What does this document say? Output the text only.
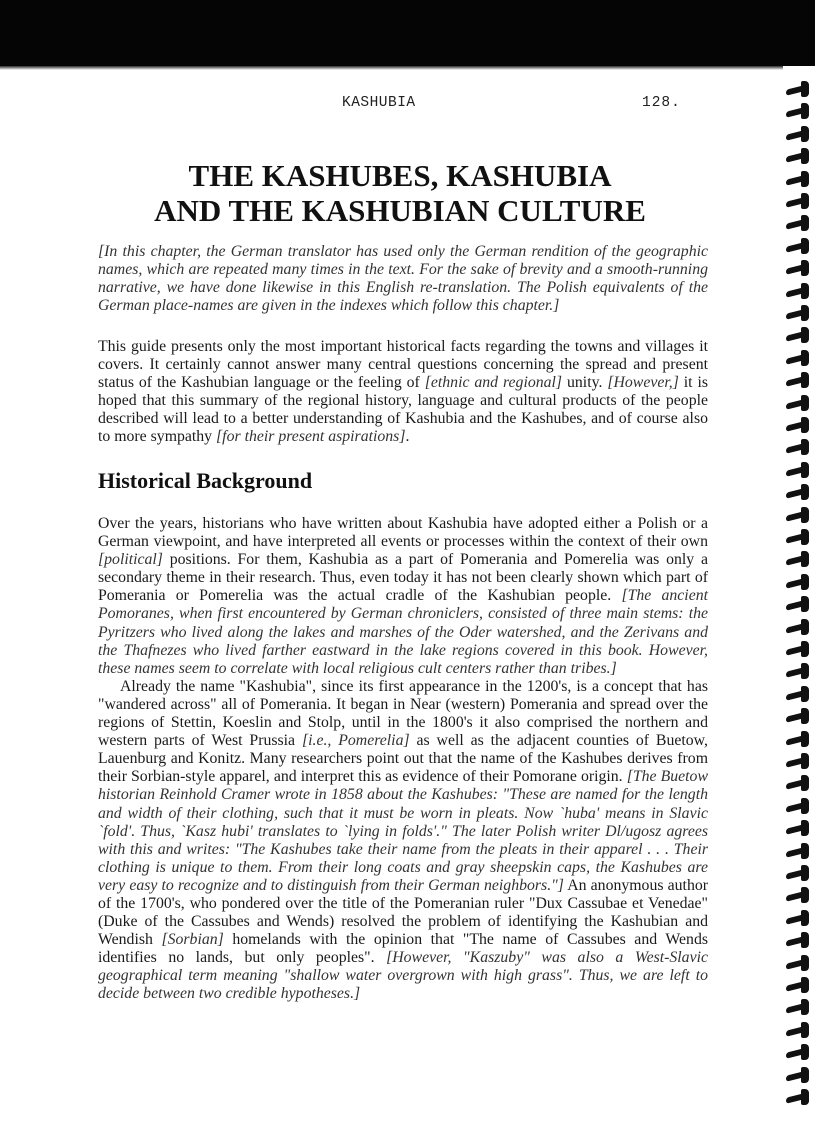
KASHUBIA	128.
THE KASHUBES, KASHUBIA
AND THE KASHUBIAN CULTURE

[In this chapter, the German translator has used only the German rendition of the geographic names, which are repeated many times in the text. For the sake of brevity and a smooth-running narrative, we have done likewise in this English re-translation. The Polish equivalents of the German place-names are given in the indexes which follow this chapter.]

This guide presents only the most important historical facts regarding the towns and villages it covers. It certainly cannot answer many central questions concerning the spread and present status of the Kashubian language or the feeling of [ethnic and regional] unity. [However,] it is hoped that this summary of the regional history, language and cultural products of the people described will lead to a better understanding of Kashubia and the Kashubes, and of course also to more sympathy [for their present aspirations].

Historical Background

Over the years, historians who have written about Kashubia have adopted either a Polish or a German viewpoint, and have interpreted all events or processes within the context of their own [political] positions. For them, Kashubia as a part of Pomerania and Pomerelia was only a secondary theme in their research. Thus, even today it has not been clearly shown which part of Pomerania or Pomerelia was the actual cradle of the Kashubian people. [The ancient Pomoranes, when first encountered by German chroniclers, consisted of three main stems: the Pyritzers who lived along the lakes and marshes of the Oder watershed, and the Zerivans and the Thafnezes who lived farther eastward in the lake regions covered in this book. However, these names seem to correlate with local religious cult centers rather than tribes.]

Already the name "Kashubia", since its first appearance in the 1200's, is a concept that has "wandered across" all of Pomerania. It began in Near (western) Pomerania and spread over the regions of Stettin, Koeslin and Stolp, until in the 1800's it also comprised the northern and western parts of West Prussia [i.e., Pomerelia] as well as the adjacent counties of Buetow, Lauenburg and Konitz. Many researchers point out that the name of the Kashubes derives from their Sorbian-style apparel, and interpret this as evidence of their Pomorane origin. [The Buetow historian Reinhold Cramer wrote in 1858 about the Kashubes: "These are named for the length and width of their clothing, such that it must be worn in pleats. Now `huba' means in Slavic `fold'. Thus, `Kasz hubi' translates to `lying in folds'." The later Polish writer Dl/ugosz agrees with this and writes: "The Kashubes take their name from the pleats in their apparel . . . Their clothing is unique to them. From their long coats and gray sheepskin caps, the Kashubes are very easy to recognize and to distinguish from their German neighbors."] An anonymous author of the 1700's, who pondered over the title of the Pomeranian ruler "Dux Cassubae et Venedae" (Duke of the Cassubes and Wends) resolved the problem of identifying the Kashubian and Wendish [Sorbian] homelands with the opinion that "The name of Cassubes and Wends identifies no lands, but only peoples". [However, "Kaszuby" was also a West-Slavic geographical term meaning "shallow water overgrown with high grass". Thus, we are left to decide between two credible hypotheses.]
